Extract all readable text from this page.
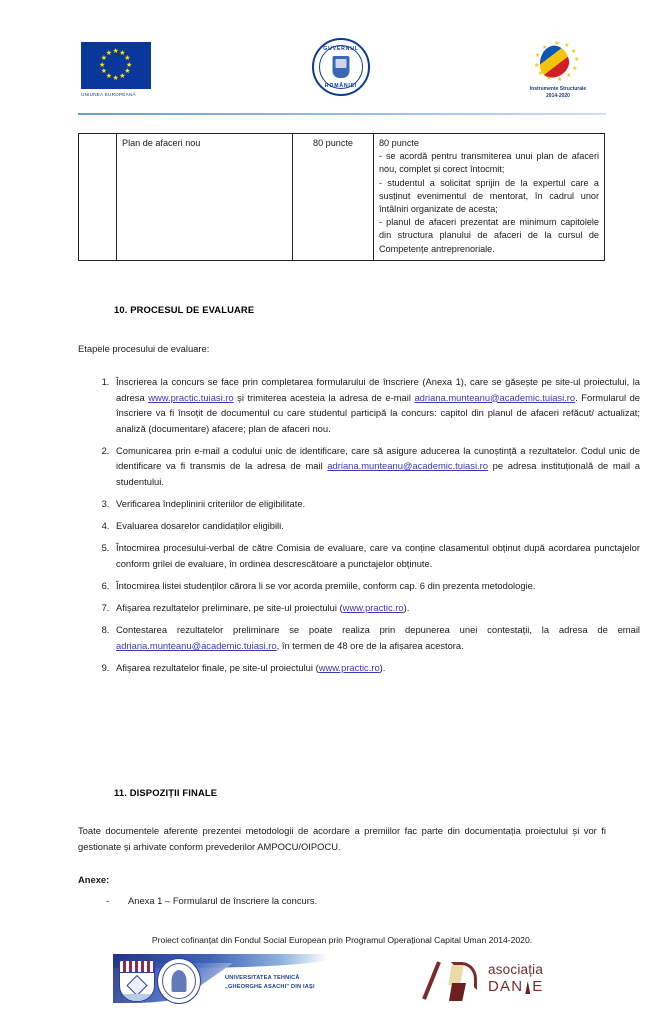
★ ★
★
★
★
★
★
★
★
★
★
★
UNIUNEA EUROPEANĂ
GUVERNUL
ROMÂNIEI
★ ★
★
★
★
★
★
★
★
★
★
★
Instrumente Structurale
2014-2020
	Plan de afaceri nou	80 puncte	80 puncte
- se acordă pentru transmiterea unui plan de afaceri nou, complet și corect întocmit;
- studentul a solicitat sprijin de la expertul care a susținut evenimentul de mentorat, în cadrul unor întâlniri organizate de acesta;
- planul de afaceri prezentat are minimum capitolele din structura planului de afaceri de la cursul de Competențe antreprenoriale.
10. PROCESUL DE EVALUARE
Etapele procesului de evaluare:
1. Înscrierea la concurs se face prin completarea formularului de înscriere (Anexa 1), care se găsește pe site-ul proiectului, la adresa www.practic.tuiasi.ro și trimiterea acesteia la adresa de e-mail adriana.munteanu@academic.tuiasi.ro. Formularul de înscriere va fi însoțit de documentul cu care studentul participă la concurs: capitol din planul de afaceri refăcut/ actualizat; analiză (documentare) afacere; plan de afaceri nou.
2. Comunicarea prin e-mail a codului unic de identificare, care să asigure aducerea la cunoștință a rezultatelor. Codul unic de identificare va fi transmis de la adresa de mail adriana.munteanu@academic.tuiasi.ro pe adresa instituțională de mail a studentului.
3. Verificarea îndeplinirii criteriilor de eligibilitate.
4. Evaluarea dosarelor candidaților eligibili.
5. Întocmirea procesului-verbal de către Comisia de evaluare, care va conține clasamentul obținut după acordarea punctajelor conform grilei de evaluare, în ordinea descrescătoare a punctajelor obținute.
6. Întocmirea listei studenților cărora li se vor acorda premiile, conform cap. 6 din prezenta metodologie.
7. Afișarea rezultatelor preliminare, pe site-ul proiectului (www.practic.ro).
8. Contestarea rezultatelor preliminare se poate realiza prin depunerea unei contestații, la adresa de email adriana.munteanu@academic.tuiasi.ro, în termen de 48 ore de la afișarea acestora.
9. Afișarea rezultatelor finale, pe site-ul proiectului (www.practic.ro).
11. DISPOZIȚII FINALE
Toate documentele aferente prezentei metodologii de acordare a premiilor fac parte din documentația proiectului și vor fi gestionate și arhivate conform prevederilor AMPOCU/OIPOCU.
Anexe:
-	Anexa 1 – Formularul de înscriere la concurs.
Proiect cofinanțat din Fondul Social European prin Programul Operațional Capital Uman 2014-2020.
UNIVERSITATEA TEHNICĂ
„GHEORGHE ASACHI" DIN IAȘI
asociația
DAN E
